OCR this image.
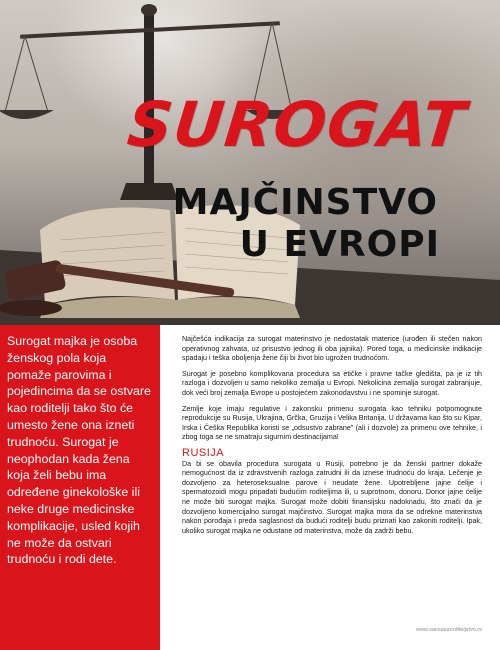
SUROGAT
MAJČINSTVO
U EVROPI

Surogat majka je osoba ženskog pola koja pomaže parovima i pojedincima da se ostvare kao roditelji tako što će umesto žene ona izneti trudnoću. Surogat je neophodan kada žena koja želi bebu ima određene ginekološke ili neke druge medicinske komplikacije, usled kojih ne može da ostvari trudnoću i rodi dete.

Najčešća indikacija za surogat materinstvo je nedostatak materice (urođen ili stečen nakon operativnog zahvata, uz prisustvo jednog ili oba jajnika). Pored toga, u medicinske indikacije spadaju i teška oboljenja žene čiji bi život bio ugrožen trudnoćom.

Surogat je posebno komplikovana procedura sa etičke i pravne tačke gledišta, pa je iz tih razloga i dozvoljen u samo nekoliko zemalja u Evropi. Nekolicina zemalja surogat zabranjuje, dok veći broj zemalja Evrope u postojećem zakonodavstvu i ne spominje surogat.

Zemlje koje imaju regulative i zakonsku primenu surogata kao tehniku potpomognute reprodukcije su Rusija, Ukrajina, Grčka, Gruzija i Velika Britanija. U državama kao što su Kipar, Irska i Češka Republika koristi se „odsustvo zabrane” (ali i dozvole) za primenu ove tehnike, i zbog toga se ne smatraju sigurnim destinacijama!

RUSIJA

Da bi se obavila procedura surogata u Rusiji, potrebno je da ženski partner dokaže nemogućnost da iz zdravstvenih razloga zatrudni ili da iznese trudnoću do kraja. Lečenje je dozvoljeno za heteroseksualne parove i neudate žene. Upotrebljene jajne ćelije i spermatozoidi mogu pripadati budućim roditeljima ili, u suprotnom, donoru. Donor jajne ćelije ne može biti surogat majka. Surogat može dobiti finansijsku nadoknadu, što znači da je dozvoljeno komercijalno surogat majčinstvo. Surogat majka mora da se odrekne materinstva nakon porođaja i preda saglasnost da budući roditelji budu priznati kao zakoniti roditelji. Ipak, ukoliko surogat majka ne odustane od materinstva, može da zadrži bebu.

www.sansazaroditeljstvo.rs
